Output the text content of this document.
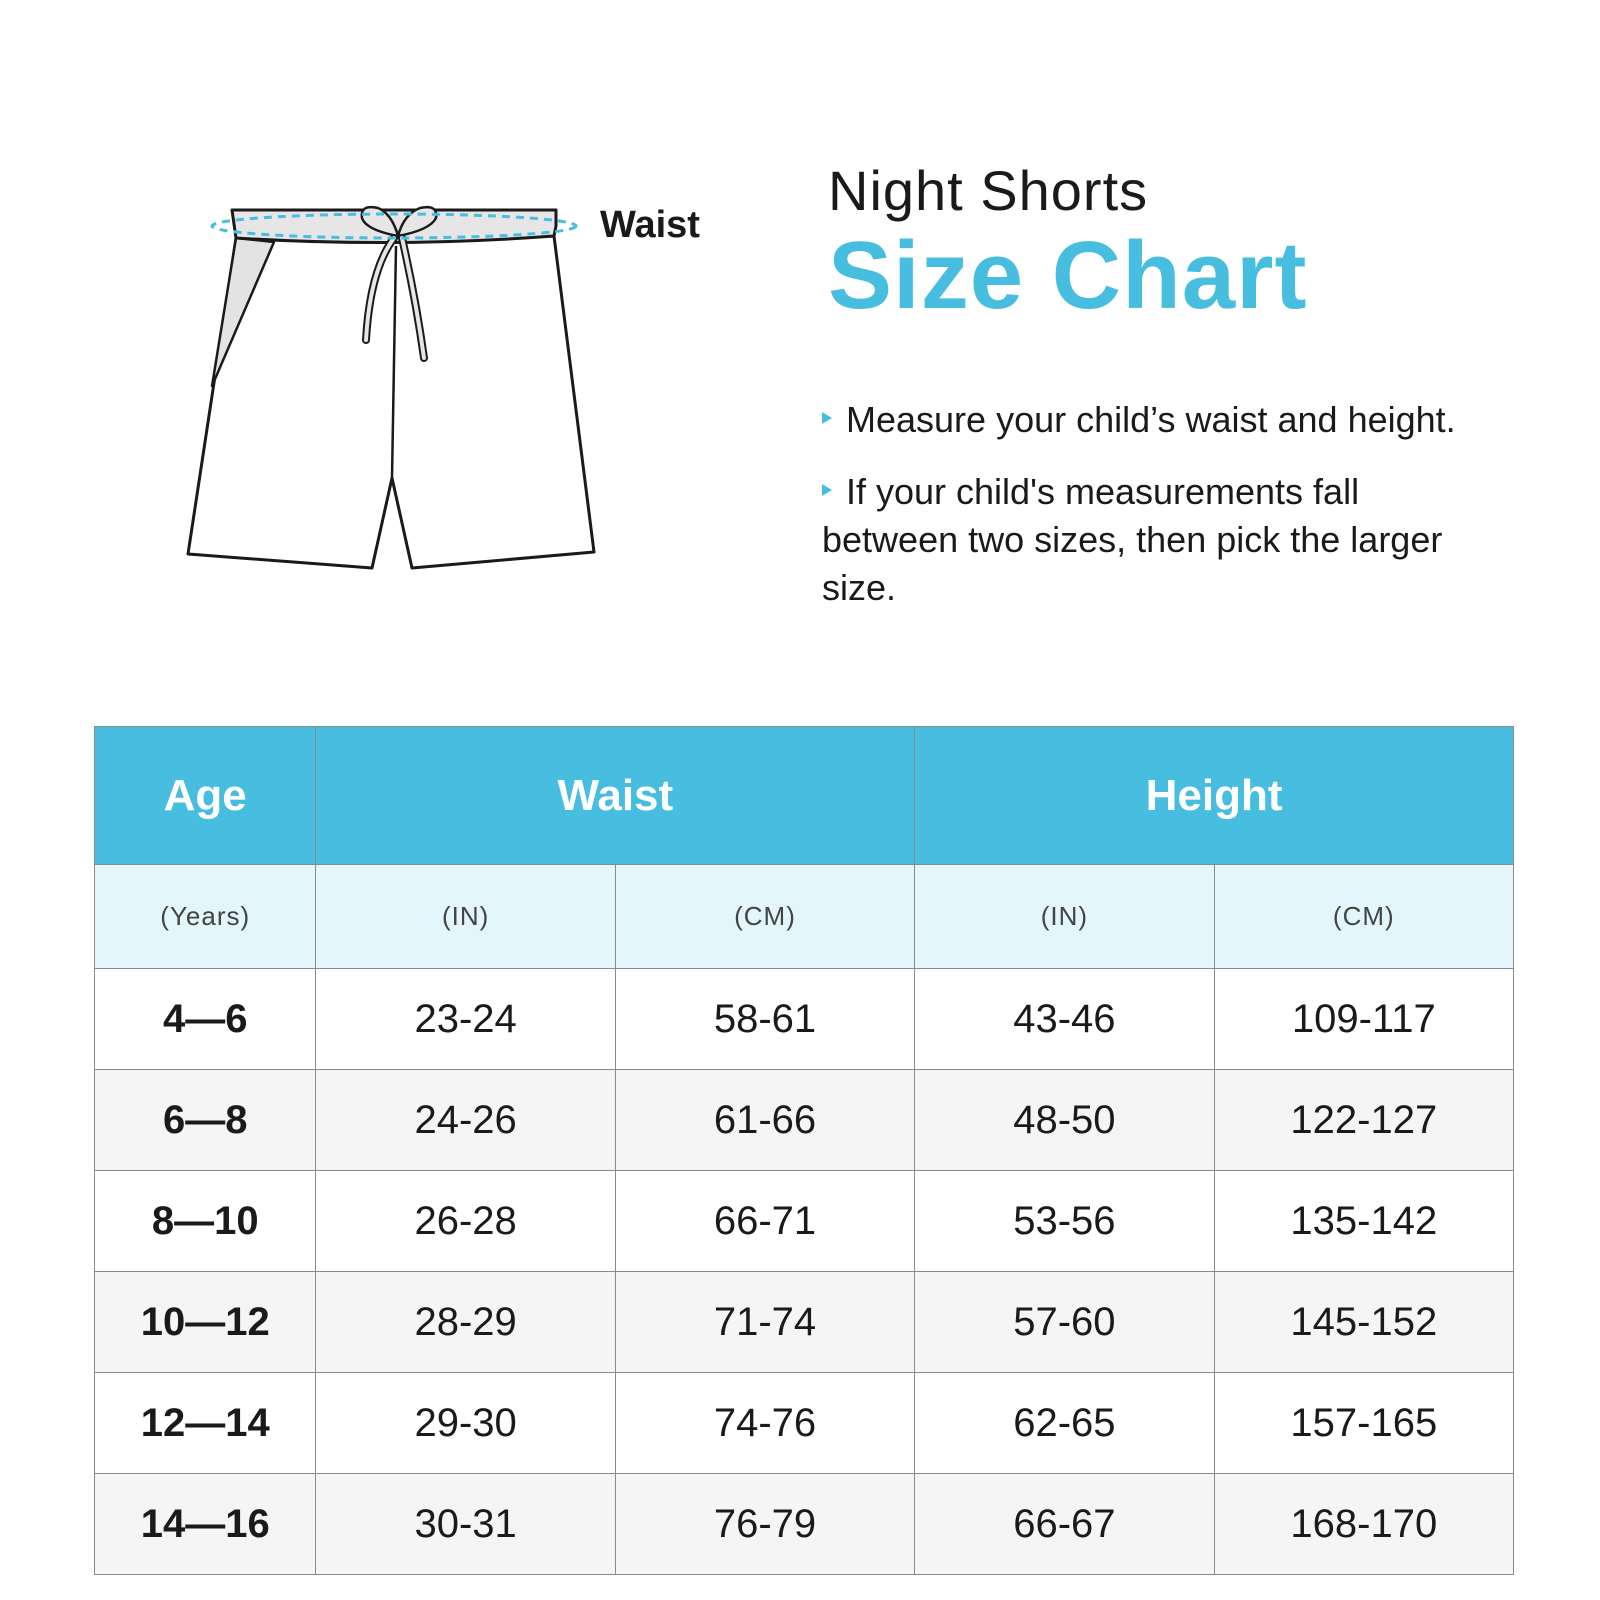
Waist
Night Shorts
Size Chart
Measure your child’s waist and height.
If your child's measurements fall between two sizes, then pick the larger size.
Age	Waist		Height	
(Years)	(IN)	(CM)	(IN)	(CM)
4—6	23-24	58-61	43-46	109-117
6—8	24-26	61-66	48-50	122-127
8—10	26-28	66-71	53-56	135-142
10—12	28-29	71-74	57-60	145-152
12—14	29-30	74-76	62-65	157-165
14—16	30-31	76-79	66-67	168-170
